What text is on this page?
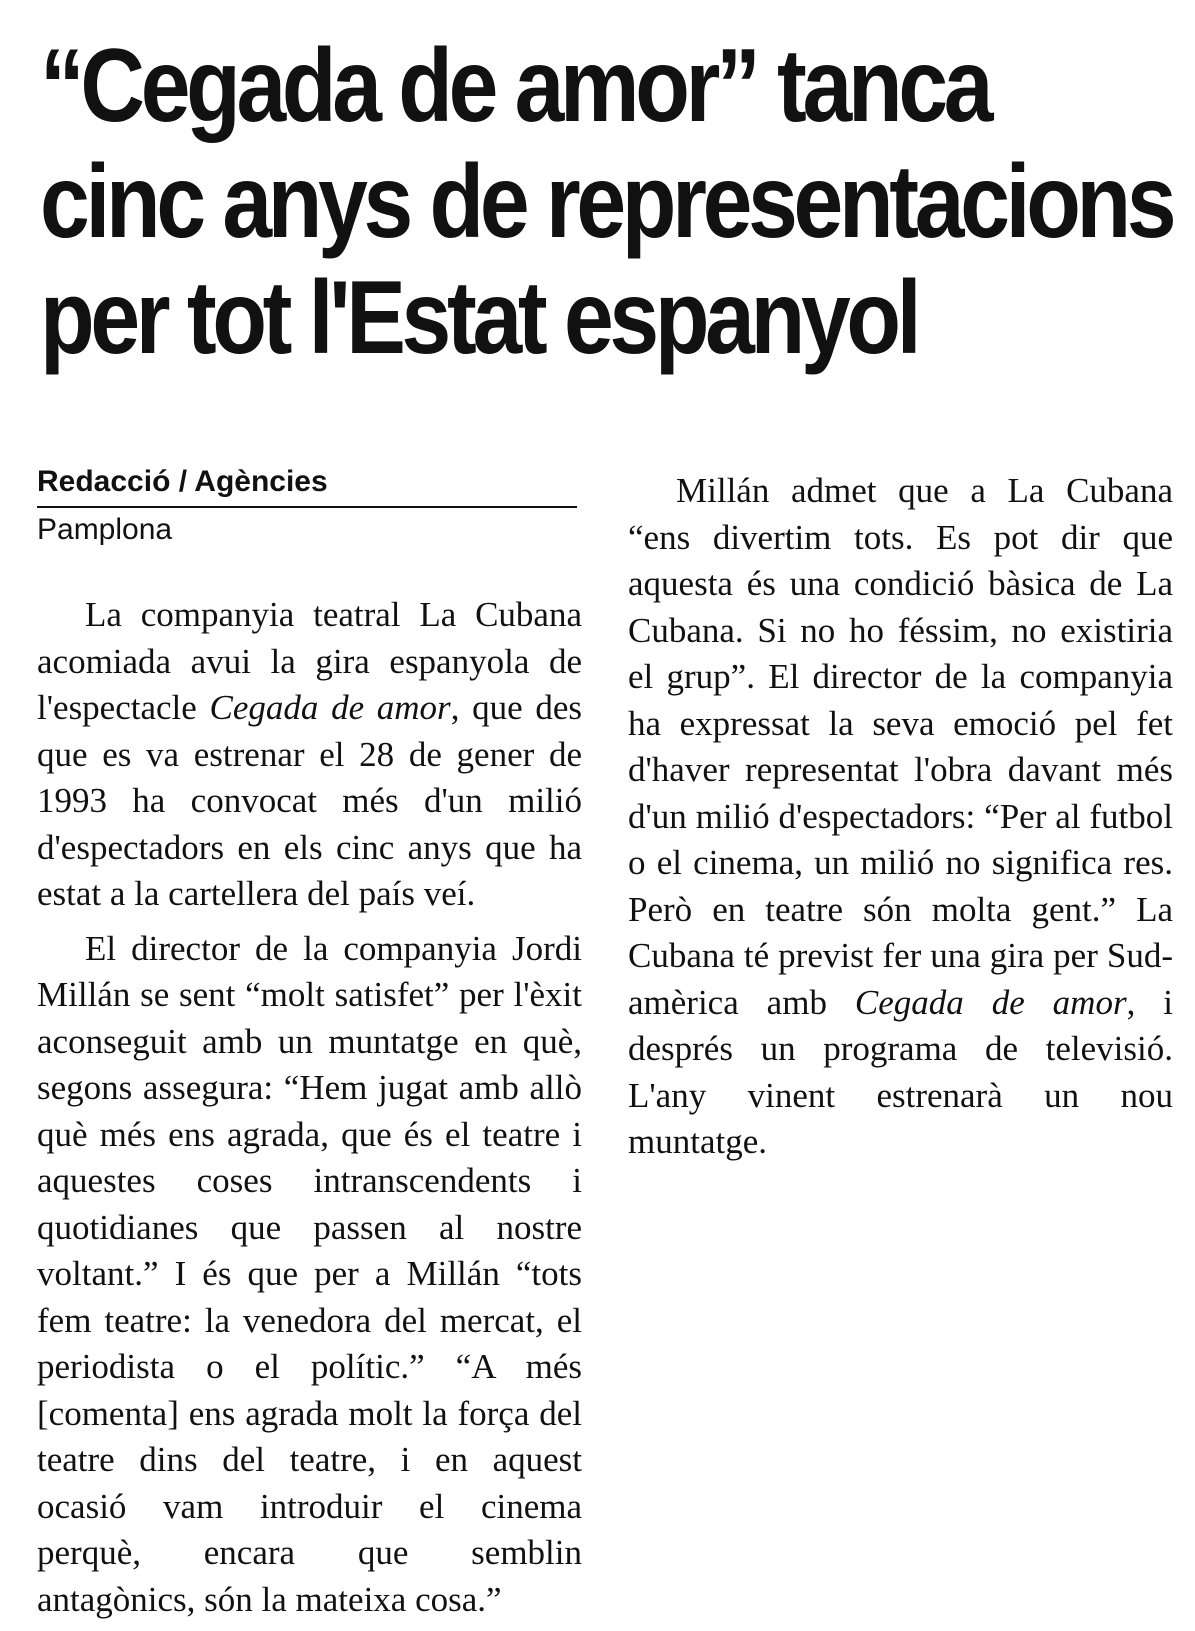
“Cegada de amor” tanca
cinc anys de representacions
per tot l'Estat espanyol
Redacció / Agències
Pamplona

La companyia teatral La Cubana acomiada avui la gira espanyola de l'espectacle Cegada de amor, que des que es va estrenar el 28 de gener de 1993 ha convocat més d'un milió d'espectadors en els cinc anys que ha estat a la cartellera del país veí.

El director de la companyia Jordi Millán se sent “molt satisfet” per l'èxit aconseguit amb un muntatge en què, segons assegura: “Hem jugat amb allò què més ens agrada, que és el teatre i aquestes coses intranscendents i quotidianes que passen al nostre voltant.” I és que per a Millán “tots fem teatre: la venedora del mercat, el periodista o el polític.” “A més [comenta] ens agrada molt la força del teatre dins del teatre, i en aquest ocasió vam introduir el cinema perquè, encara que semblin antagònics, són la mateixa cosa.”

Millán admet que a La Cubana “ens divertim tots. Es pot dir que aquesta és una condició bàsica de La Cubana. Si no ho féssim, no existiria el grup”. El director de la companyia ha expressat la seva emoció pel fet d'haver representat l'obra davant més d'un milió d'espectadors: “Per al futbol o el cinema, un milió no significa res. Però en teatre són molta gent.” La Cubana té previst fer una gira per Sud-amèrica amb Cegada de amor, i després un programa de televisió. L'any vinent estrenarà un nou muntatge.
